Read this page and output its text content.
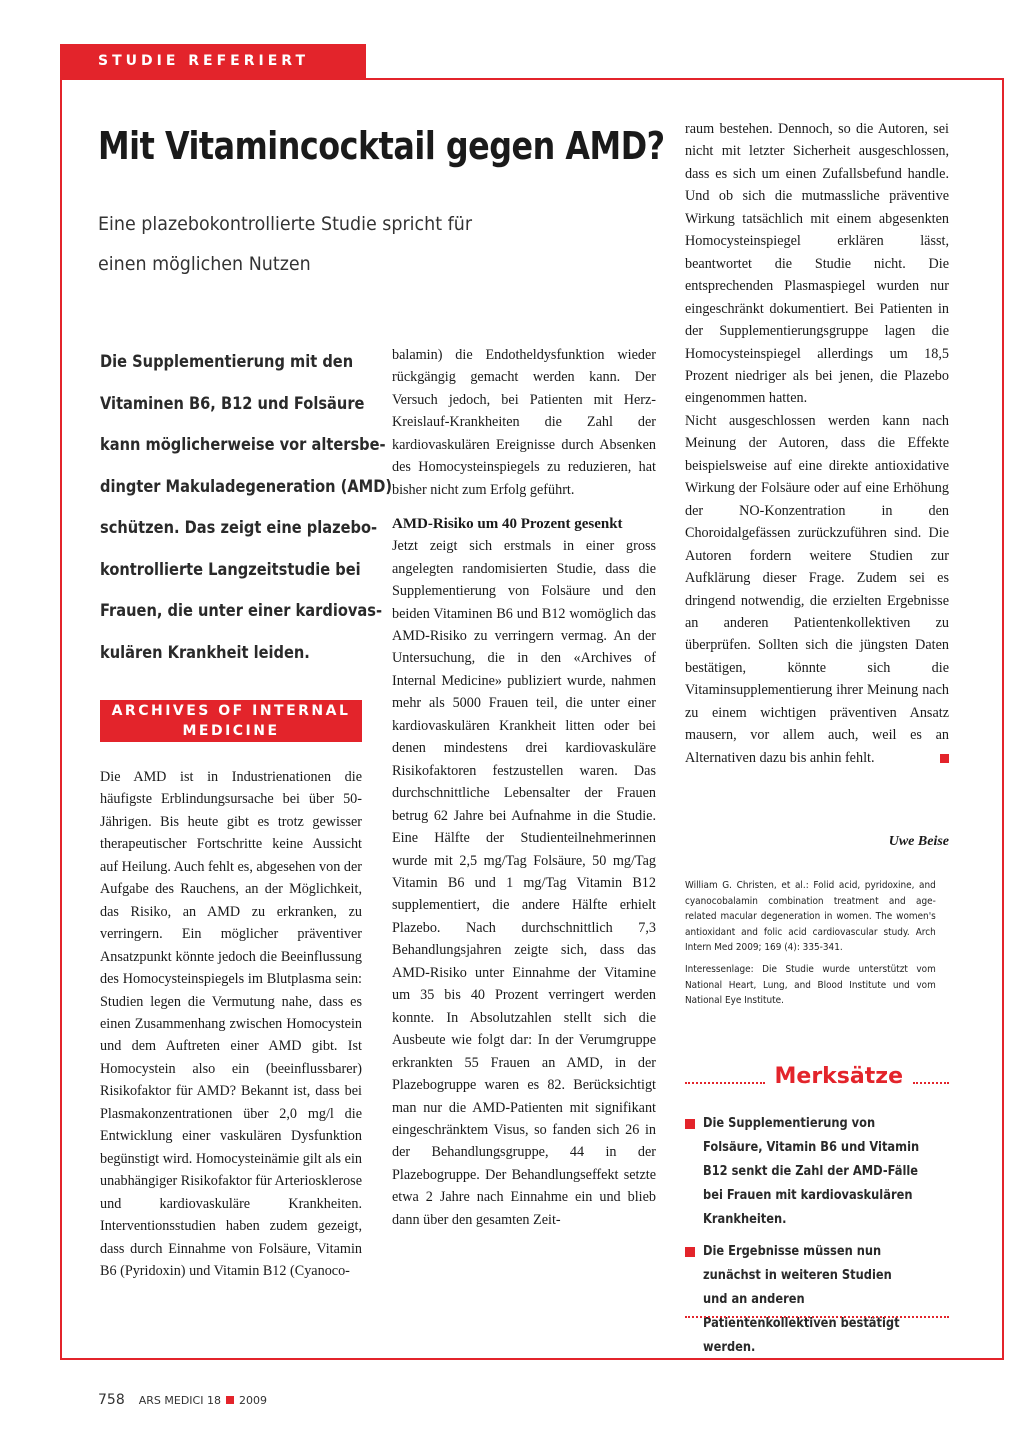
STUDIE REFERIERT
Mit Vitamincocktail gegen AMD?
Eine plazebokontrollierte Studie spricht für einen möglichen Nutzen

Die Supplementierung mit den

Vitaminen B6, B12 und Folsäure

kann möglicherweise vor altersbe-

dingter Makuladegeneration (AMD)

schützen. Das zeigt eine plazebo-

kontrollierte Langzeitstudie bei

Frauen, die unter einer kardiovas-

kulären Krankheit leiden.

ARCHIVES OF INTERNAL MEDICINE

Die AMD ist in Industrienationen die häufigste Erblindungsursache bei über 50-Jährigen. Bis heute gibt es trotz gewisser therapeutischer Fortschritte keine Aussicht auf Heilung. Auch fehlt es, abgesehen von der Aufgabe des Rauchens, an der Möglichkeit, das Risiko, an AMD zu erkranken, zu verringern. Ein möglicher präventiver Ansatzpunkt könnte jedoch die Beeinflussung des Homocysteinspiegels im Blutplasma sein: Studien legen die Vermutung nahe, dass es einen Zusammenhang zwischen Homocystein und dem Auftreten einer AMD gibt. Ist Homocystein also ein (beeinflussbarer) Risikofaktor für AMD? Bekannt ist, dass bei Plasmakonzentrationen über 2,0 mg/l die Entwicklung einer vaskulären Dysfunktion begünstigt wird. Homocysteinämie gilt als ein unabhängiger Risikofaktor für Arteriosklerose und kardiovaskuläre Krankheiten. Interventionsstudien haben zudem gezeigt, dass durch Einnahme von Folsäure, Vitamin B6 (Pyridoxin) und Vitamin B12 (Cyanoco-

balamin) die Endotheldysfunktion wieder rückgängig gemacht werden kann. Der Versuch jedoch, bei Patienten mit Herz-Kreislauf-Krankheiten die Zahl der kardiovaskulären Ereignisse durch Absenken des Homocysteinspiegels zu reduzieren, hat bisher nicht zum Erfolg geführt.

AMD-Risiko um 40 Prozent gesenkt

Jetzt zeigt sich erstmals in einer gross angelegten randomisierten Studie, dass die Supplementierung von Folsäure und den beiden Vitaminen B6 und B12 womöglich das AMD-Risiko zu verringern vermag. An der Untersuchung, die in den «Archives of Internal Medicine» publiziert wurde, nahmen mehr als 5000 Frauen teil, die unter einer kardiovaskulären Krankheit litten oder bei denen mindestens drei kardiovaskuläre Risikofaktoren festzustellen waren. Das durchschnittliche Lebensalter der Frauen betrug 62 Jahre bei Aufnahme in die Studie. Eine Hälfte der Studienteilnehmerinnen wurde mit 2,5 mg/Tag Folsäure, 50 mg/Tag Vitamin B6 und 1 mg/Tag Vitamin B12 supplementiert, die andere Hälfte erhielt Plazebo. Nach durchschnittlich 7,3 Behandlungsjahren zeigte sich, dass das AMD-Risiko unter Einnahme der Vitamine um 35 bis 40 Prozent verringert werden konnte. In Absolutzahlen stellt sich die Ausbeute wie folgt dar: In der Verumgruppe erkrankten 55 Frauen an AMD, in der Plazebogruppe waren es 82. Berücksichtigt man nur die AMD-Patienten mit signifikant eingeschränktem Visus, so fanden sich 26 in der Behandlungsgruppe, 44 in der Plazebogruppe. Der Behandlungseffekt setzte etwa 2 Jahre nach Einnahme ein und blieb dann über den gesamten Zeit-

raum bestehen. Dennoch, so die Autoren, sei nicht mit letzter Sicherheit ausgeschlossen, dass es sich um einen Zufallsbefund handle. Und ob sich die mutmassliche präventive Wirkung tatsächlich mit einem abgesenkten Homocysteinspiegel erklären lässt, beantwortet die Studie nicht. Die entsprechenden Plasmaspiegel wurden nur eingeschränkt dokumentiert. Bei Patienten in der Supplementierungsgruppe lagen die Homocysteinspiegel allerdings um 18,5 Prozent niedriger als bei jenen, die Plazebo eingenommen hatten.

Nicht ausgeschlossen werden kann nach Meinung der Autoren, dass die Effekte beispielsweise auf eine direkte antioxidative Wirkung der Folsäure oder auf eine Erhöhung der NO-Konzentration in den Choroidalgefässen zurückzuführen sind. Die Autoren fordern weitere Studien zur Aufklärung dieser Frage. Zudem sei es dringend notwendig, die erzielten Ergebnisse an anderen Patientenkollektiven zu überprüfen. Sollten sich die jüngsten Daten bestätigen, könnte sich die Vitaminsupplementierung ihrer Meinung nach zu einem wichtigen präventiven Ansatz mausern, vor allem auch, weil es an Alternativen dazu bis anhin fehlt.

Uwe Beise
William G. Christen, et al.: Folid acid, pyridoxine, and cyanocobalamin combination treatment and age-related macular degeneration in women. The women's antioxidant and folic acid cardiovascular study. Arch Intern Med 2009; 169 (4): 335-341.
Interessenlage: Die Studie wurde unterstützt vom National Heart, Lung, and Blood Institute und vom National Eye Institute.
Merksätze
Die Supplementierung von Folsäure, Vitamin B6 und Vitamin B12 senkt die Zahl der AMD-Fälle bei Frauen mit kardiovaskulären Krankheiten.
Die Ergebnisse müssen nun zunächst in weiteren Studien und an anderen Patientenkollektiven bestätigt werden.
758 ARS MEDICI 18 2009
